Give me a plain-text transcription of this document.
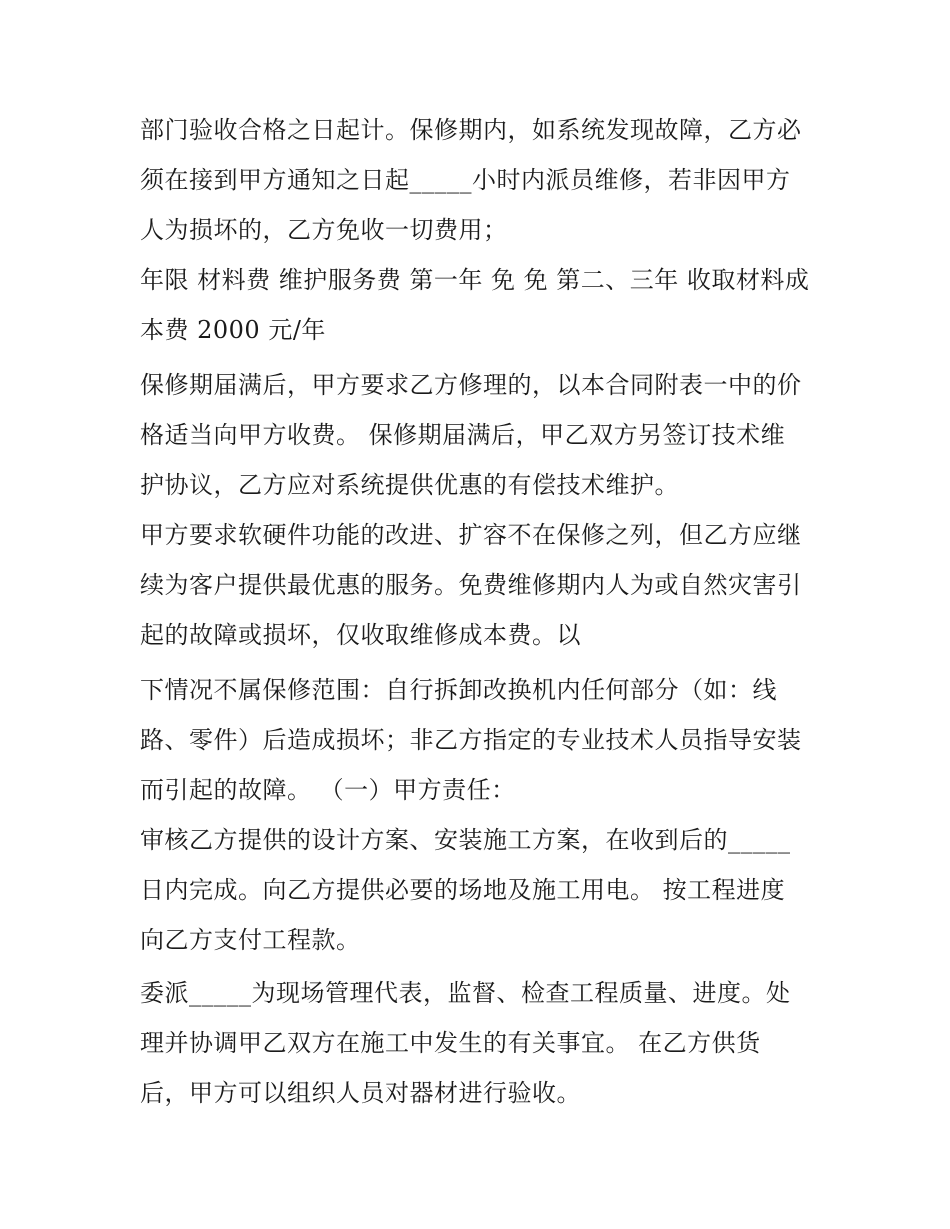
部门验收合格之日起计。保修期内，如系统发现故障，乙方必
须在接到甲方通知之日起_____小时内派员维修，若非因甲方
人为损坏的，乙方免收一切费用；
年限 材料费 维护服务费 第一年 免 免 第二、三年 收取材料成
本费 2000 元/年
保修期届满后，甲方要求乙方修理的，以本合同附表一中的价
格适当向甲方收费。 保修期届满后，甲乙双方另签订技术维
护协议，乙方应对系统提供优惠的有偿技术维护。
甲方要求软硬件功能的改进、扩容不在保修之列，但乙方应继
续为客户提供最优惠的服务。免费维修期内人为或自然灾害引
起的故障或损坏，仅收取维修成本费。以
下情况不属保修范围：自行拆卸改换机内任何部分（如：线
路、零件）后造成损坏；非乙方指定的专业技术人员指导安装
而引起的故障。 （一）甲方责任：
审核乙方提供的设计方案、安装施工方案，在收到后的_____
日内完成。向乙方提供必要的场地及施工用电。 按工程进度
向乙方支付工程款。
委派_____为现场管理代表，监督、检查工程质量、进度。处
理并协调甲乙双方在施工中发生的有关事宜。 在乙方供货
后，甲方可以组织人员对器材进行验收。
